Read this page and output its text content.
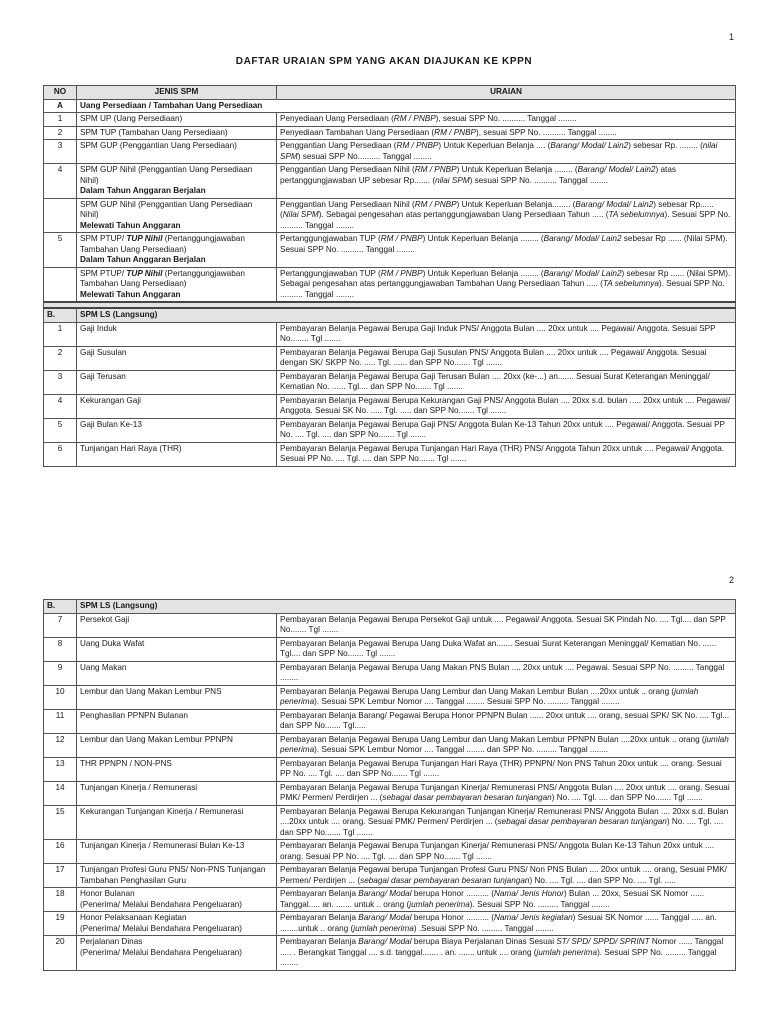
1
DAFTAR URAIAN SPM YANG AKAN DIAJUKAN KE KPPN
NO	JENIS SPM	URAIAN
A	Uang Persediaan / Tambahan Uang Persediaan	
1	SPM UP (Uang Persediaan)	Penyediaan Uang Persediaan (RM / PNBP), sesuai SPP No. .......... Tanggal ........
2	SPM TUP (Tambahan Uang Persediaan)	Penyediaan Tambahan Uang Persediaan (RM / PNBP), sesuai SPP No. .......... Tanggal ........
3	SPM GUP (Penggantian Uang Persediaan)	Penggantian Uang Persediaan (RM / PNBP) Untuk Keperluan Belanja .... (Barang/ Modal/ Lain2) sebesar Rp. ........ (nilai SPM) sesuai SPP No.......... Tanggal ........
4	SPM GUP Nihil (Penggantian Uang Persediaan Nihil)
Dalam Tahun Anggaran Berjalan	Penggantian Uang Persediaan Nihil (RM / PNBP) Untuk Keperluan Belanja ........ (Barang/ Modal/ Lain2) atas pertanggungjawaban UP sebesar Rp....... (nilai SPM) sesuai SPP No. .......... Tanggal ........

	SPM GUP Nihil (Penggantian Uang Persediaan Nihil)
Melewati Tahun Anggaran	Penggantian Uang Persediaan Nihil (RM / PNBP) Untuk Keperluan Belanja........ (Barang/ Modal/ Lain2) sebesar Rp...... (Nilai SPM). Sebagai pengesahan atas pertanggungjawaban Uang Persediaan Tahun ..... (TA sebelumnya). Sesuai SPP No. .......... Tanggal ........
5	SPM PTUP/ TUP Nihil (Pertanggungjawaban Tambahan Uang Persediaan)
Dalam Tahun Anggaran Berjalan	Pertanggungjawaban TUP (RM / PNBP) Untuk Keperluan Belanja ........ (Barang/ Modal/ Lain2 sebesar Rp ...... (Nilai SPM). Sesuai SPP No. .......... Tanggal ........
	SPM PTUP/ TUP Nihil (Pertanggungjawaban Tambahan Uang Persediaan)
Melewati Tahun Anggaran	Pertanggungjawaban TUP (RM / PNBP) Untuk Keperluan Belanja ........ (Barang/ Modal/ Lain2) sebesar Rp ...... (Nilai SPM). Sebagai pengesahan atas pertanggungjawaban Tambahan Uang Persediaan Tahun ..... (TA sebelumnya). Sesuai SPP No. .......... Tanggal ........

B.	SPM LS (Langsung)	
1	Gaji Induk	Pembayaran Belanja Pegawai Berupa Gaji Induk PNS/ Anggota Bulan .... 20xx untuk .... Pegawai/ Anggota. Sesuai SPP No........ Tgl .......
2	Gaji Susulan	Pembayaran Belanja Pegawai Berupa Gaji Susulan PNS/ Anggota Bulan .... 20xx untuk .... Pegawai/ Anggota. Sesuai dengan SK/ SKPP No. ..... Tgl. ...... dan SPP No....... Tgl .......
3	Gaji Terusan	Pembayaran Belanja Pegawai Berupa Gaji Terusan Bulan .... 20xx (ke-...) an....... Sesuai Surat Keterangan Meninggal/ Kematian No. ...... Tgl.... dan SPP No....... Tgl .......
4	Kekurangan Gaji	Pembayaran Belanja Pegawai Berupa Kekurangan Gaji PNS/ Anggota Bulan .... 20xx s.d. bulan ..... 20xx untuk .... Pegawai/ Anggota. Sesuai SK No. ..... Tgl. ..... dan SPP No....... Tgl .......
5	Gaji Bulan Ke-13	Pembayaran Belanja Pegawai Berupa Gaji PNS/ Anggota Bulan Ke-13 Tahun 20xx untuk .... Pegawai/ Anggota. Sesuai PP No. .... Tgl. .... dan SPP No....... Tgl .......
6	Tunjangan Hari Raya (THR)	Pembayaran Belanja Pegawai Berupa Tunjangan Hari Raya (THR) PNS/ Anggota Tahun 20xx untuk .... Pegawai/ Anggota. Sesuai PP No. .... Tgl. .... dan SPP No....... Tgl .......
2
B.	SPM LS (Langsung)	
7	Persekot Gaji	Pembayaran Belanja Pegawai Berupa Persekot Gaji untuk .... Pegawai/ Anggota. Sesuai SK Pindah No. .... Tgl.... dan SPP No....... Tgl .......
8	Uang Duka Wafat	Pembayaran Belanja Pegawai Berupa Uang Duka Wafat an....... Sesuai Surat Keterangan Meninggal/ Kematian No. ...... Tgl.... dan SPP No....... Tgl .......
9	Uang Makan	Pembayaran Belanja Pegawai Berupa Uang Makan PNS Bulan .... 20xx untuk .... Pegawai. Sesuai SPP No. ......... Tanggal ........
10	Lembur dan Uang Makan Lembur PNS	Pembayaran Belanja Pegawai Berupa Uang Lembur dan Uang Makan Lembur Bulan ....20xx untuk .. orang (jumlah penerima). Sesuai SPK Lembur Nomor .... Tanggal ........ Sesuai SPP No. ......... Tanggal ........
11	Penghasilan PPNPN Bulanan	Pembayaran Belanja Barang/ Pegawai Berupa Honor PPNPN Bulan ...... 20xx untuk .... orang, sesuai SPK/ SK No. .... Tgl... dan SPP No....... Tgl.....
12	Lembur dan Uang Makan Lembur PPNPN	Pembayaran Belanja Pegawai Berupa Uang Lembur dan Uang Makan Lembur PPNPN Bulan ....20xx untuk .. orang (jumlah penerima). Sesuai SPK Lembur Nomor .... Tanggal ........ dan SPP No. ......... Tanggal ........
13	THR PPNPN / NON-PNS	Pembayaran Belanja Pegawai Berupa Tunjangan Hari Raya (THR) PPNPN/ Non PNS Tahun 20xx untuk .... orang. Sesuai PP No. .... Tgl. .... dan SPP No....... Tgl .......
14	Tunjangan Kinerja / Remunerasi	Pembayaran Belanja Pegawai Berupa Tunjangan Kinerja/ Remunerasi PNS/ Anggota Bulan .... 20xx untuk .... orang. Sesuai PMK/ Permen/ Perdirjen ... (sebagai dasar pembayaran besaran tunjangan) No. .... Tgl. .... dan SPP No....... Tgl .......
15	Kekurangan Tunjangan Kinerja / Remunerasi	Pembayaran Belanja Pegawai Berupa Kekurangan Tunjangan Kinerja/ Remunerasi PNS/ Anggota Bulan .... 20xx s.d. Bulan ....20xx untuk .... orang. Sesuai PMK/ Permen/ Perdirjen ... (sebagai dasar pembayaran besaran tunjangan) No. .... Tgl. .... dan SPP No....... Tgl .......
16	Tunjangan Kinerja / Remunerasi Bulan Ke-13	Pembayaran Belanja Pegawai Berupa Tunjangan Kinerja/ Remunerasi PNS/ Anggota Bulan Ke-13 Tahun 20xx untuk .... orang. Sesuai PP No. .... Tgl. .... dan SPP No....... Tgl .......
17	Tunjangan Profesi Guru PNS/ Non-PNS Tunjangan Tambahan Penghasilan Guru	Pembayaran Belanja Pegawai berupa Tunjangan Profesi Guru PNS/ Non PNS Bulan .... 20xx untuk .... orang, Sesuai PMK/ Permen/ Perdirjen ... (sebagai dasar pembayaran besaran tunjangan) No. .... Tgl. .... dan SPP No. .... Tgl. .....
18	Honor Bulanan
(Penerima/ Melalui Bendahara Pengeluaran)	Pembayaran Belanja Barang/ Modal berupa Honor .......... (Nama/ Jenis Honor) Bulan ... 20xx, Sesuai SK Nomor ...... Tanggal..... an. ....... untuk .. orang (jumlah penerima). Sesuai SPP No. ......... Tanggal ........
19	Honor Pelaksanaan Kegiatan
(Penerima/ Melalui Bendahara Pengeluaran)	Pembayaran Belanja Barang/ Modal berupa Honor .......... (Nama/ Jenis kegiatan) Sesuai SK Nomor ...... Tanggal ..... an. ........untuk .. orang (jumlah penerima) .Sesuai SPP No. ......... Tanggal ........
20	Perjalanan Dinas
(Penerima/ Melalui Bendahara Pengeluaran)	Pembayaran Belanja Barang/ Modal berupa Biaya Perjalanan Dinas Sesuai ST/ SPD/ SPPD/ SPRINT Nomor ...... Tanggal ..... . Berangkat Tanggal .... s.d. tanggal....... . an. ....... untuk .... orang (jumlah penerima). Sesuai SPP No. ......... Tanggal ........
